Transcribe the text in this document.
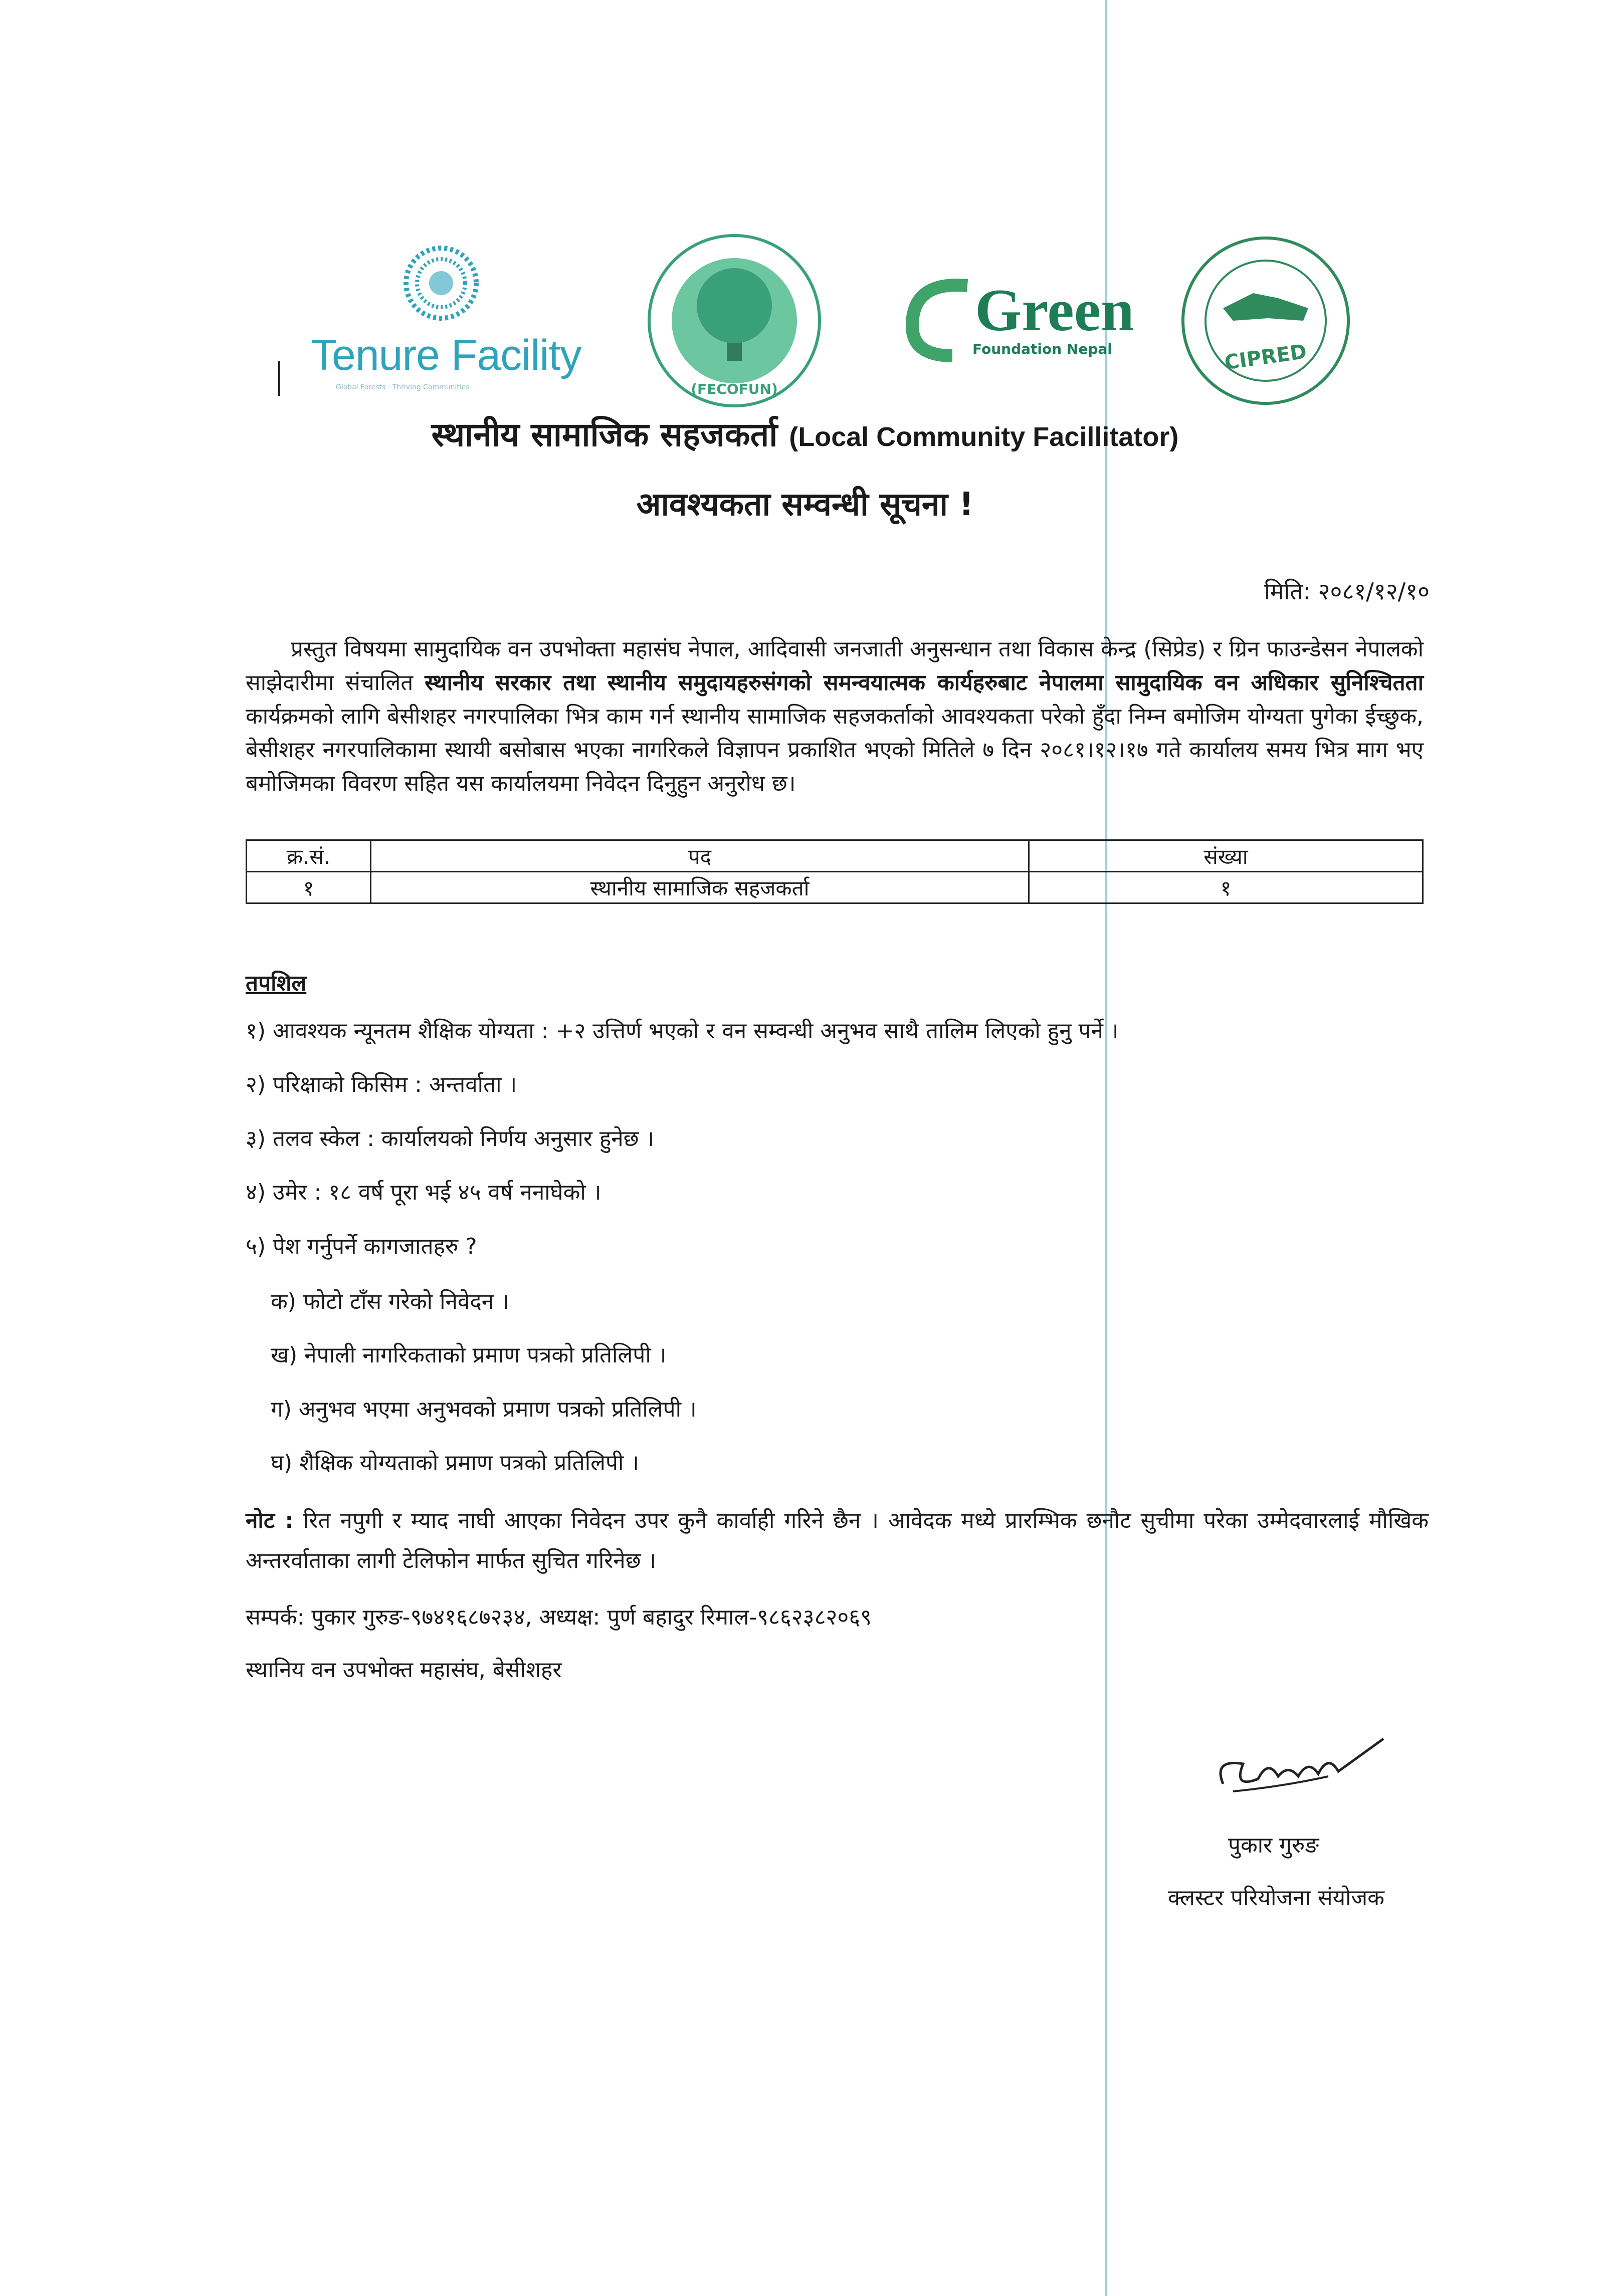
Tenure Facility
Global Forests · Thriving Communities	(FECOFUN)
Green
Foundation Nepal	CIPRED
स्थानीय सामाजिक सहजकर्ता (Local Community Facillitator)
आवश्यकता सम्वन्धी सूचना !
मिति: २०८१/१२/१०
प्रस्तुत विषयमा सामुदायिक वन उपभोक्ता महासंघ नेपाल, आदिवासी जनजाती अनुसन्धान तथा विकास केन्द्र (सिप्रेड) र ग्रिन फाउन्डेसन नेपालको साझेदारीमा संचालित स्थानीय सरकार तथा स्थानीय समुदायहरुसंगको समन्वयात्मक कार्यहरुबाट नेपालमा सामुदायिक वन अधिकार सुनिश्चितता कार्यक्रमको लागि बेसीशहर नगरपालिका भित्र काम गर्न स्थानीय सामाजिक सहजकर्ताको आवश्यकता परेको हुँदा निम्न बमोजिम योग्यता पुगेका ईच्छुक, बेसीशहर नगरपालिकामा स्थायी बसोबास भएका नागरिकले विज्ञापन प्रकाशित भएको मितिले ७ दिन २०८१।१२।१७ गते कार्यालय समय भित्र माग भए बमोजिमका विवरण सहित यस कार्यालयमा निवेदन दिनुहुन अनुरोध छ।
क्र.सं.	पद	संख्या
१	स्थानीय सामाजिक सहजकर्ता	१
तपशिल
१) आवश्यक न्यूनतम शैक्षिक योग्यता : +२ उत्तिर्ण भएको र वन सम्वन्धी अनुभव साथै तालिम लिएको हुनु पर्ने ।
२) परिक्षाको किसिम : अन्तर्वाता ।
३) तलव स्केल : कार्यालयको निर्णय अनुसार हुनेछ ।
४) उमेर : १८ वर्ष पूरा भई ४५ वर्ष ननाघेको ।
५) पेश गर्नुपर्ने कागजातहरु ?
क) फोटो टाँस गरेको निवेदन ।
ख) नेपाली नागरिकताको प्रमाण पत्रको प्रतिलिपी ।
ग) अनुभव भएमा अनुभवको प्रमाण पत्रको प्रतिलिपी ।
घ) शैक्षिक योग्यताको प्रमाण पत्रको प्रतिलिपी ।
नोट : रित नपुगी र म्याद नाघी आएका निवेदन उपर कुनै कार्वाही गरिने छैन । आवेदक मध्ये प्रारम्भिक छनौट सुचीमा परेका उम्मेदवारलाई मौखिक अन्तरर्वाताका लागी टेलिफोन मार्फत सुचित गरिनेछ ।
सम्पर्क: पुकार गुरुङ-९७४१६८७२३४, अध्यक्ष: पुर्ण बहादुर रिमाल-९८६२३८२०६९
स्थानिय वन उपभोक्त महासंघ, बेसीशहर
पुकार गुरुङ
क्लस्टर परियोजना संयोजक
